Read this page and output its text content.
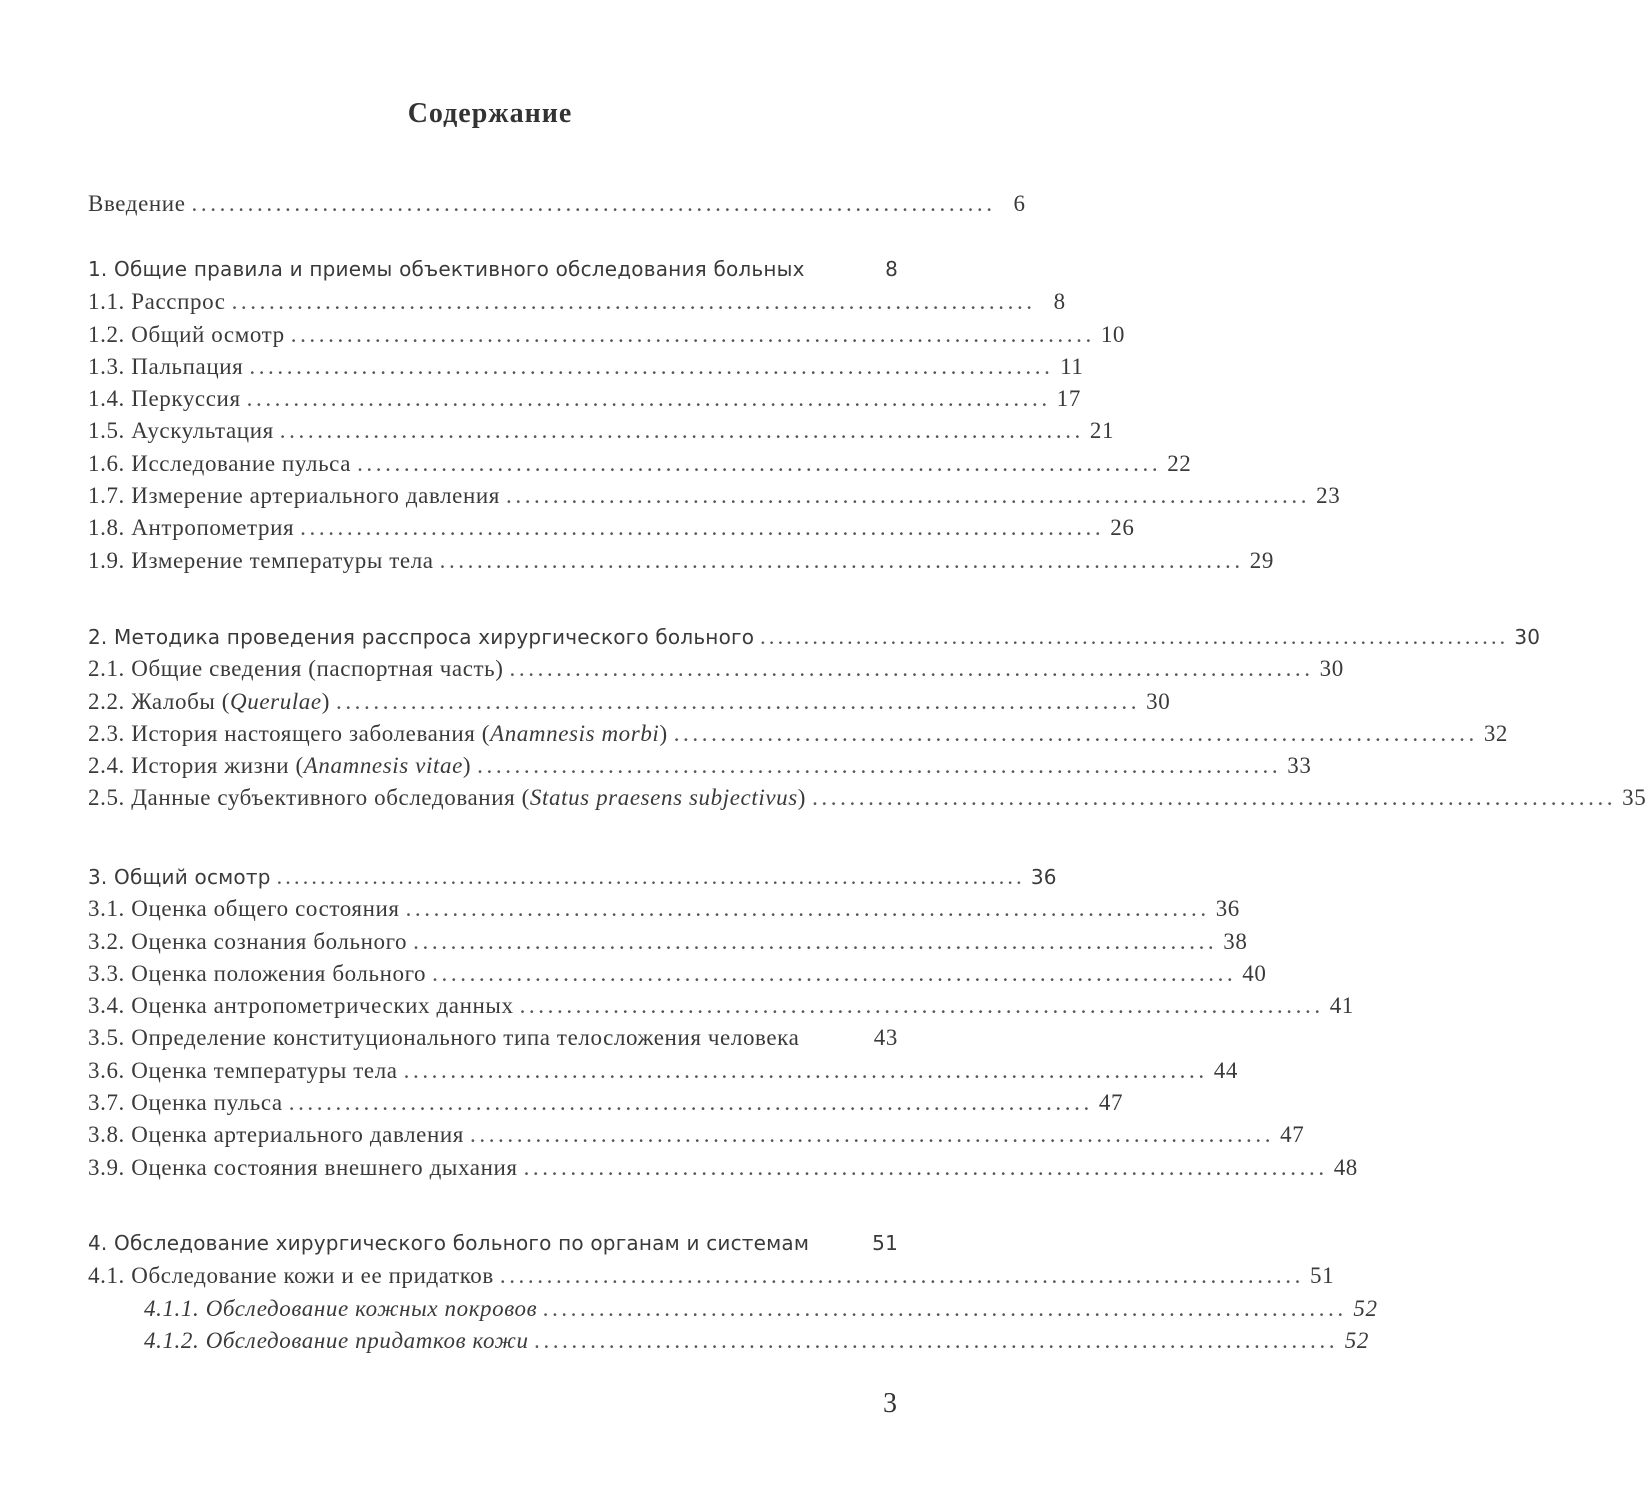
Содержание
Введение ...................................................................................... 6
1. Общие правила и приемы объективного обследования больных	8
1.1. Расспрос ...................................................................................... 8
1.2. Общий осмотр ...................................................................................... 10
1.3. Пальпация ...................................................................................... 11
1.4. Перкуссия ...................................................................................... 17
1.5. Аускультация ...................................................................................... 21
1.6. Исследование пульса ...................................................................................... 22
1.7. Измерение артериального давления ...................................................................................... 23
1.8. Антропометрия ...................................................................................... 26
1.9. Измерение температуры тела ...................................................................................... 29
2. Методика проведения расспроса хирургического больного ...................................................................................... 30
2.1. Общие сведения (паспортная часть) ...................................................................................... 30
2.2. Жалобы ( Querulae ) ...................................................................................... 30
2.3. История настоящего заболевания ( Anamnesis morbi ) ...................................................................................... 32
2.4. История жизни ( Anamnesis vitae ) ...................................................................................... 33
2.5. Данные субъективного обследования ( Status praesens subjectivus ) ...................................................................................... 35
3. Общий осмотр ...................................................................................... 36
3.1. Оценка общего состояния ...................................................................................... 36
3.2. Оценка сознания больного ...................................................................................... 38
3.3. Оценка положения больного ...................................................................................... 40
3.4. Оценка антропометрических данных ...................................................................................... 41
3.5. Определение конституционального типа телосложения человека	43
3.6. Оценка температуры тела ...................................................................................... 44
3.7. Оценка пульса ...................................................................................... 47
3.8. Оценка артериального давления ...................................................................................... 47
3.9. Оценка состояния внешнего дыхания ...................................................................................... 48
4. Обследование хирургического больного по органам и системам	51
4.1. Обследование кожи и ее придатков ...................................................................................... 51
4.1.1. Обследование кожных покровов ...................................................................................... 52
4.1.2. Обследование придатков кожи ...................................................................................... 52
3
